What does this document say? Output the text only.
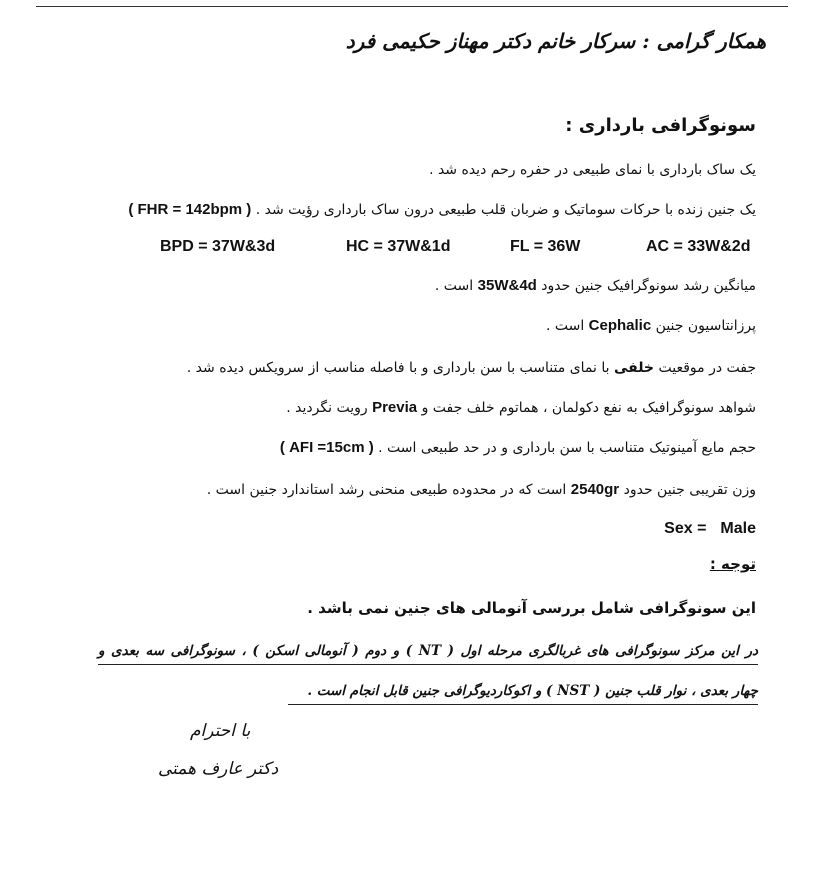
همکار گرامی : سرکار خانم دکتر مهناز حکیمی فرد
سونوگرافی بارداری :
یک ساک بارداری با نمای طبیعی در حفره رحم دیده شد .
یک جنین زنده با حرکات سوماتیک و ضربان قلب طبیعی درون ساک بارداری رؤیت شد . ( FHR = 142bpm )
BPD = 37W&3d	HC = 37W&1d	FL = 36W	AC = 33W&2d
میانگین رشد سونوگرافیک جنین حدود 35W&4d است .
پرزانتاسیون جنین Cephalic است .
جفت در موقعیت خلفی با نمای متناسب با سن بارداری و با فاصله مناسب از سرویکس دیده شد .
شواهد سونوگرافیک به نفع دکولمان ، هماتوم خلف جفت و Previa رویت نگردید .
حجم مایع آمینوتیک متناسب با سن بارداری و در حد طبیعی است . ( AFI =15cm )
وزن تقریبی جنین حدود 2540gr است که در محدوده طبیعی منحنی رشد استاندارد جنین است .
Sex = Male
توجه :
این سونوگرافی شامل بررسی آنومالی های جنین نمی باشد .
در این مرکز سونوگرافی های غربالگری مرحله اول ( NT ) و دوم ( آنومالی اسکن ) ، سونوگرافی سه بعدی و
چهار بعدی ، نوار قلب جنین ( NST ) و اکوکاردیوگرافی جنین قابل انجام است .
با احترام
دکتر عارف همتی
